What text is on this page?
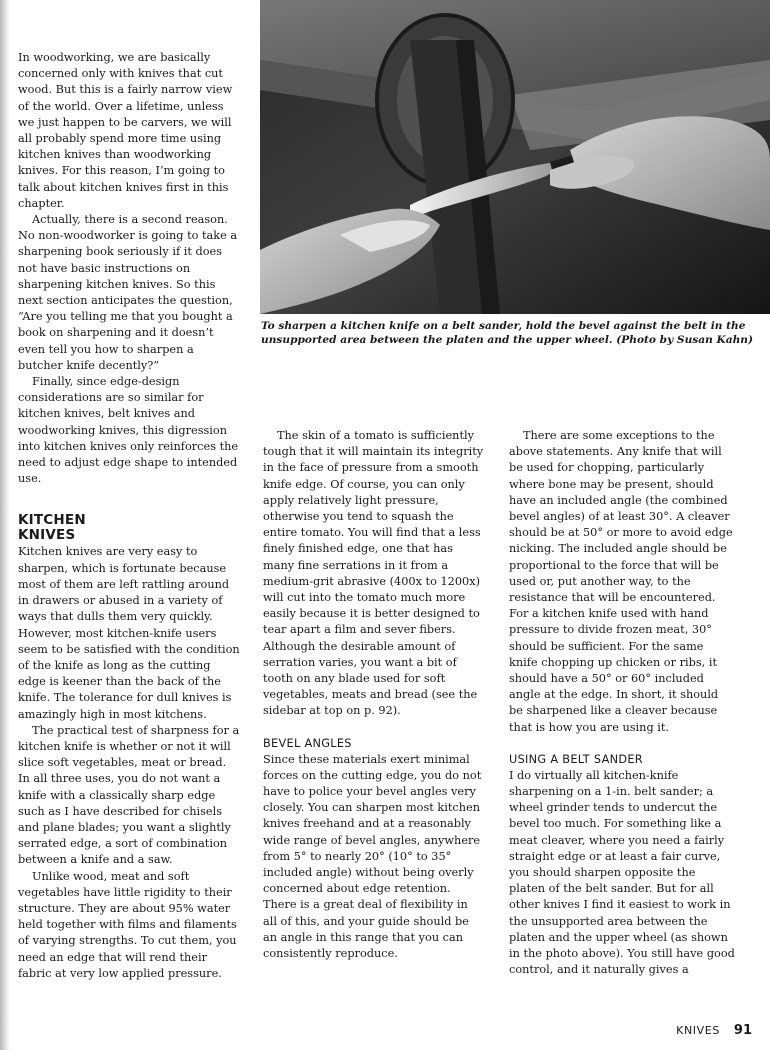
In woodworking, we are basically concerned only with knives that cut wood. But this is a fairly narrow view of the world. Over a lifetime, unless we just happen to be carvers, we will all probably spend more time using kitchen knives than woodworking knives. For this reason, I’m going to talk about kitchen knives first in this chapter.

Actually, there is a second reason. No non-woodworker is going to take a sharpening book seriously if it does not have basic instructions on sharpening kitchen knives. So this next section anticipates the question, “Are you telling me that you bought a book on sharpening and it doesn’t even tell you how to sharpen a butcher knife decently?”

Finally, since edge-design considerations are so similar for kitchen knives, belt knives and woodworking knives, this digression into kitchen knives only reinforces the need to adjust edge shape to intended use.

KITCHEN
KNIVES

Kitchen knives are very easy to sharpen, which is fortunate because most of them are left rattling around in drawers or abused in a variety of ways that dulls them very quickly. However, most kitchen-knife users seem to be satisfied with the condition of the knife as long as the cutting edge is keener than the back of the knife. The tolerance for dull knives is amazingly high in most kitchens.

The practical test of sharpness for a kitchen knife is whether or not it will slice soft vegetables, meat or bread. In all three uses, you do not want a knife with a classically sharp edge such as I have described for chisels and plane blades; you want a slightly serrated edge, a sort of combination between a knife and a saw.

Unlike wood, meat and soft vegetables have little rigidity to their structure. They are about 95% water held together with films and filaments of varying strengths. To cut them, you need an edge that will rend their fabric at very low applied pressure.

To sharpen a kitchen knife on a belt sander, hold the bevel against the belt in the unsupported area between the platen and the upper wheel. (Photo by Susan Kahn)

The skin of a tomato is sufficiently tough that it will maintain its integrity in the face of pressure from a smooth knife edge. Of course, you can only apply relatively light pressure, otherwise you tend to squash the entire tomato. You will find that a less finely finished edge, one that has many fine serrations in it from a medium-grit abrasive (400x to 1200x) will cut into the tomato much more easily because it is better designed to tear apart a film and sever fibers. Although the desirable amount of serration varies, you want a bit of tooth on any blade used for soft vegetables, meats and bread (see the sidebar at top on p. 92).

BEVEL ANGLES

Since these materials exert minimal forces on the cutting edge, you do not have to police your bevel angles very closely. You can sharpen most kitchen knives freehand and at a reasonably wide range of bevel angles, anywhere from 5° to nearly 20° (10° to 35° included angle) without being overly concerned about edge retention. There is a great deal of flexibility in all of this, and your guide should be an angle in this range that you can consistently reproduce.

There are some exceptions to the above statements. Any knife that will be used for chopping, particularly where bone may be present, should have an included angle (the combined bevel angles) of at least 30°. A cleaver should be at 50° or more to avoid edge nicking. The included angle should be proportional to the force that will be used or, put another way, to the resistance that will be encountered. For a kitchen knife used with hand pressure to divide frozen meat, 30° should be sufficient. For the same knife chopping up chicken or ribs, it should have a 50° or 60° included angle at the edge. In short, it should be sharpened like a cleaver because that is how you are using it.

USING A BELT SANDER

I do virtually all kitchen-knife sharpening on a 1-in. belt sander; a wheel grinder tends to undercut the bevel too much. For something like a meat cleaver, where you need a fairly straight edge or at least a fair curve, you should sharpen opposite the platen of the belt sander. But for all other knives I find it easiest to work in the unsupported area between the platen and the upper wheel (as shown in the photo above). You still have good control, and it naturally gives a

KNIVES 91
